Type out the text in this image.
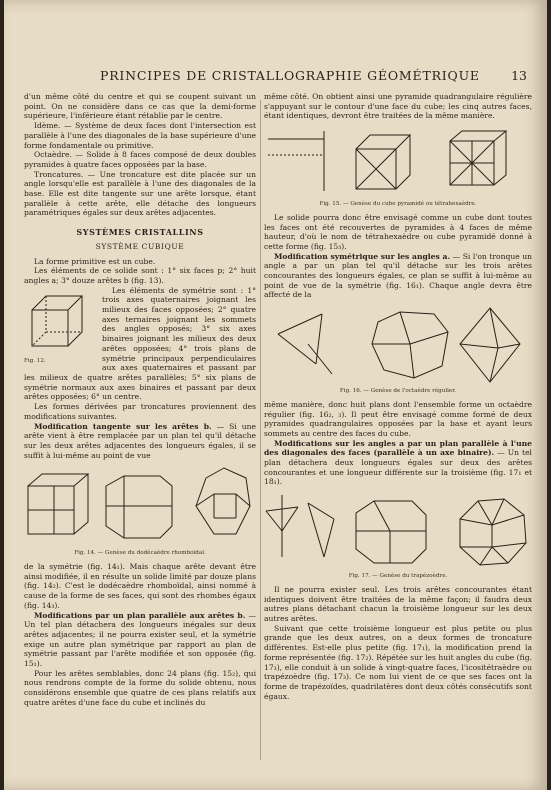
PRINCIPES DE CRISTALLOGRAPHIE GÉOMÉTRIQUE 13

d'un même côté du centre et qui se coupent suivant un point. On ne considère dans ce cas que la demi-forme supérieure, l'inférieure étant rétablie par le centre.

Idème. — Système de deux faces dont l'intersection est parallèle à l'une des diagonales de la base supérieure d'une forme fondamentale ou primitive.

Octaèdre. — Solide à 8 faces composé de deux doubles pyramides à quatre faces opposées par la base.

Troncatures. — Une troncature est dite placée sur un angle lorsqu'elle est parallèle à l'une des diagonales de la base. Elle est dite tangente sur une arête lorsque, étant parallèle à cette arête, elle détache des longueurs paramétriques égales sur deux arêtes adjacentes.

SYSTÈMES CRISTALLINS
SYSTÈME CUBIQUE

La forme primitive est un cube.

Les éléments de ce solide sont : 1° six faces p; 2° huit angles a; 3° douze arêtes b (fig. 13).

Fig. 12.

Les éléments de symétrie sont : 1° trois axes quaternaires joignant les milieux des faces opposées; 2° quatre axes ternaires joignant les sommets des angles opposés; 3° six axes binaires joignant les milieux des deux arêtes opposées; 4° trois plans de symétrie principaux perpendiculaires aux axes quaternaires et passant par les milieux de quatre arêtes parallèles; 5° six plans de symétrie normaux aux axes binaires et passant par deux arêtes opposées; 6° un centre.

Les formes dérivées par troncatures proviennent des modifications suivantes.

Modification tangente sur les arêtes b. — Si une arête vient à être remplacée par un plan tel qu'il détache sur les deux arêtes adjacentes des longueurs égales, il se suffit à lui-même au point de vue

Fig. 14. — Genèse du dodécaèdre rhomboïdal.

de la symétrie (fig. 14₁). Mais chaque arête devant être ainsi modifiée, il en résulte un solide limité par douze plans (fig. 14₂). C'est le dodécaèdre rhomboïdal, ainsi nommé à cause de la forme de ses faces, qui sont des rhombes égaux (fig. 14₃).

Modifications par un plan parallèle aux arêtes b. — Un tel plan détachera des longueurs inégales sur deux arêtes adjacentes; il ne pourra exister seul, et la symétrie exige un autre plan symétrique par rapport au plan de symétrie passant par l'arête modifiée et son opposée (fig. 15₁).

Pour les arêtes semblables, donc 24 plans (fig. 15₂), qui nous rendrons compte de la forme du solide obtenu, nous considérons ensemble que quatre de ces plans relatifs aux quatre arêtes d'une face du cube et inclinés du

même côté. On obtient ainsi une pyramide quadrangulaire régulière s'appuyant sur le contour d'une face du cube; les cinq autres faces, étant identiques, devront être traitées de la même manière.

Fig. 15. — Genèse du cube pyramidé ou tétrahexaèdre.

Le solide pourra donc être envisagé comme un cube dont toutes les faces ont été recouvertes de pyramides à 4 faces de même hauteur, d'où le nom de tétrahexaèdre ou cube pyramidé donné à cette forme (fig. 15₃).

Modification symétrique sur les angles a. — Si l'on tronque un angle a par un plan tel qu'il détache sur les trois arêtes concourantes des longueurs égales, ce plan se suffit à lui-même au point de vue de la symétrie (fig. 16₁). Chaque angle devra être affecté de la

Fig. 16. — Genèse de l'octaèdre régulier.

même manière, donc huit plans dont l'ensemble forme un octaèdre régulier (fig. 16₂, ₃). Il peut être envisagé comme formé de deux pyramides quadrangulaires opposées par la base et ayant leurs sommets au centre des faces du cube.

Modifications sur les angles a par un plan parallèle à l'une des diagonales des faces (parallèle à un axe binaire). — Un tel plan détachera deux longueurs égales sur deux des arêtes concourantes et une longueur différente sur la troisième (fig. 17₁ et 18₁).

Fig. 17. — Genèse du trapézoèdre.

Il ne pourra exister seul. Les trois arêtes concourantes étant identiques doivent être traitées de la même façon; il faudra deux autres plans détachant chacun la troisième longueur sur les deux autres arêtes.

Suivant que cette troisième longueur est plus petite ou plus grande que les deux autres, on a deux formes de troncature différentes. Est-elle plus petite (fig. 17₁), la modification prend la forme représentée (fig. 17₂). Répétée sur les huit angles du cube (fig. 17₃), elle conduit à un solide à vingt-quatre faces, l'icositétraèdre ou trapézoèdre (fig. 17₃). Ce nom lui vient de ce que ses faces ont la forme de trapézoïdes, quadrilatères dont deux côtés consécutifs sont égaux.
